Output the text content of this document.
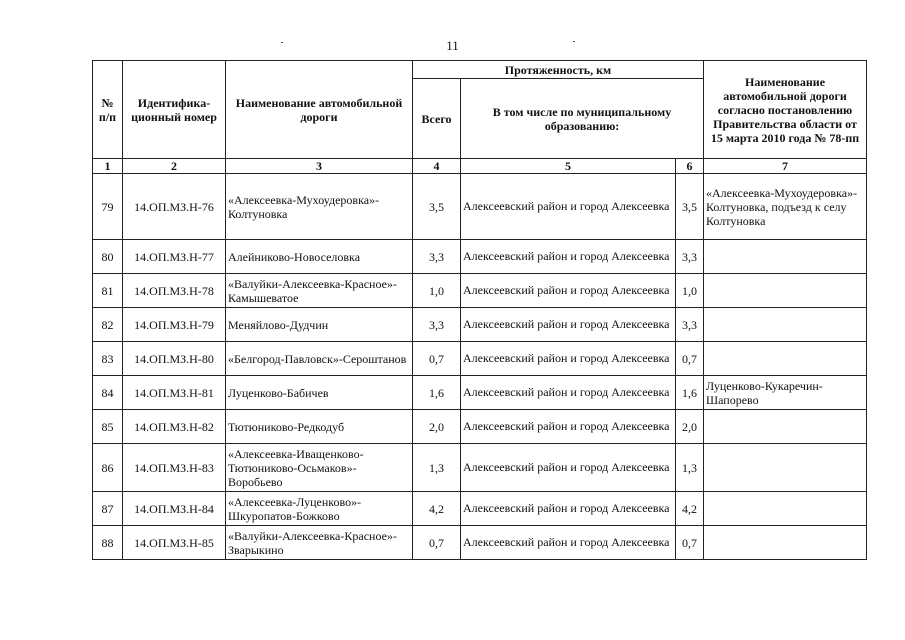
11
№ п/п	Идентифика-ционный номер	Наименование автомобильной дороги	Протяженность, км			Наименование автомобильной дороги согласно постановлению Правительства области от 15 марта 2010 года № 78-пп
			Всего	В том числе по муниципальному образованию:		
1	2	3	4	5	6	7
79	14.ОП.МЗ.Н-76	«Алексеевка-Мухоудеровка»-Колтуновка	3,5	Алексеевский район и город Алексеевка	3,5	«Алексеевка-Мухоудеровка»-Колтуновка, подъезд к селу Колтуновка
80	14.ОП.МЗ.Н-77	Алейниково-Новоселовка	3,3	Алексеевский район и город Алексеевка	3,3	
81	14.ОП.МЗ.Н-78	«Валуйки-Алексеевка-Красное»-Камышеватое	1,0	Алексеевский район и город Алексеевка	1,0	
82	14.ОП.МЗ.Н-79	Меняйлово-Дудчин	3,3	Алексеевский район и город Алексеевка	3,3	
83	14.ОП.МЗ.Н-80	«Белгород-Павловск»-Сероштанов	0,7	Алексеевский район и город Алексеевка	0,7	
84	14.ОП.МЗ.Н-81	Луценково-Бабичев	1,6	Алексеевский район и город Алексеевка	1,6	Луценково-Кукаречин-Шапорево
85	14.ОП.МЗ.Н-82	Тютюниково-Редкодуб	2,0	Алексеевский район и город Алексеевка	2,0	
86	14.ОП.МЗ.Н-83	«Алексеевка-Иващенково-Тютюниково-Осьмаков»-Воробьево	1,3	Алексеевский район и город Алексеевка	1,3	
87	14.ОП.МЗ.Н-84	«Алексеевка-Луценково»-Шкуропатов-Божково	4,2	Алексеевский район и город Алексеевка	4,2	
88	14.ОП.МЗ.Н-85	«Валуйки-Алексеевка-Красное»-Зварыкино	0,7	Алексеевский район и город Алексеевка	0,7	
